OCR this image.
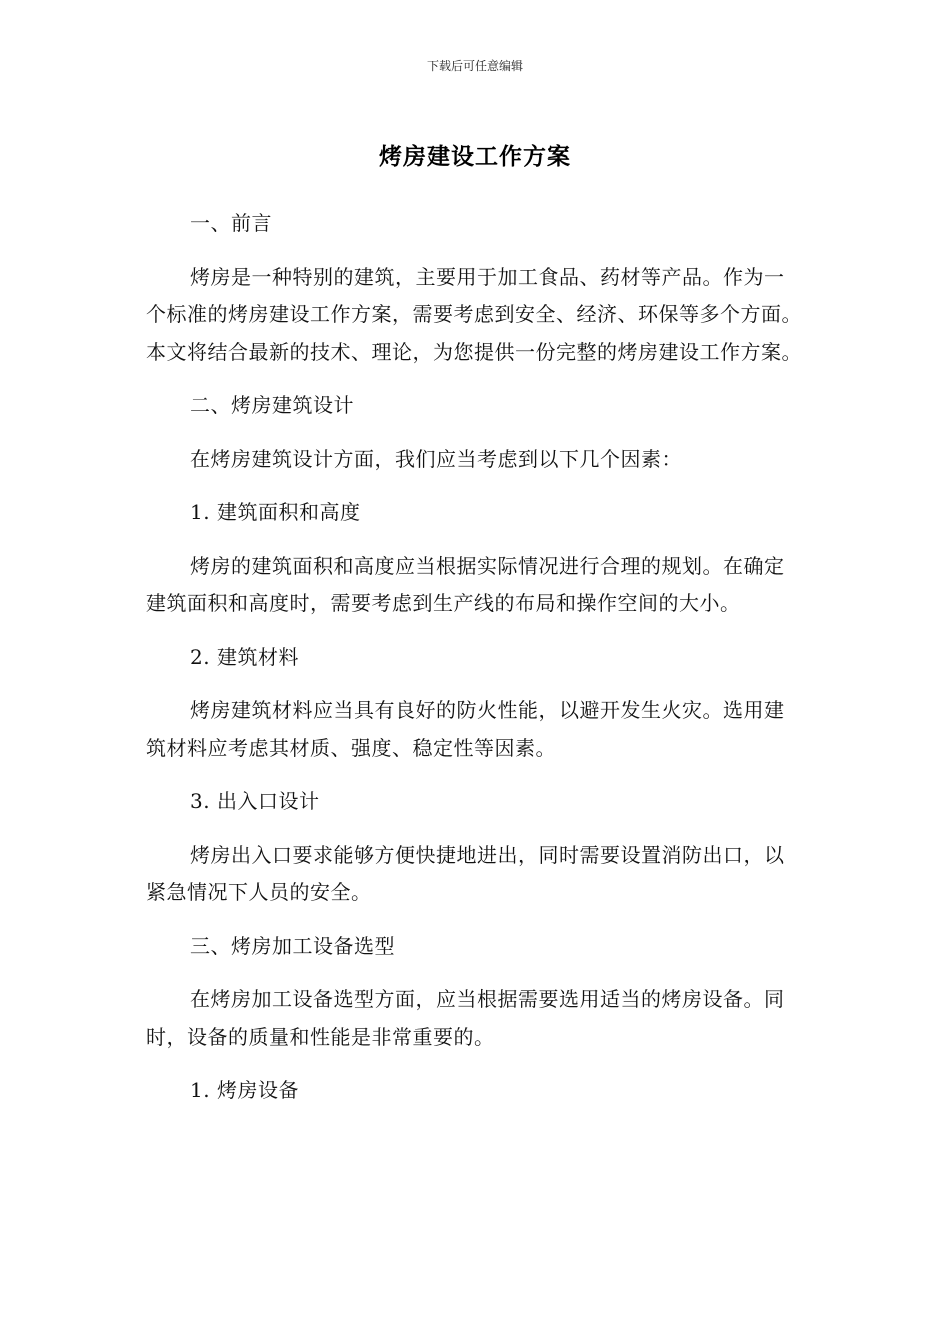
下载后可任意编辑
烤房建设工作方案

一、前言

烤房是一种特别的建筑，主要用于加工食品、药材等产品。作为一个标准的烤房建设工作方案，需要考虑到安全、经济、环保等多个方面。本文将结合最新的技术、理论，为您提供一份完整的烤房建设工作方案。

二、烤房建筑设计

在烤房建筑设计方面，我们应当考虑到以下几个因素：

1. 建筑面积和高度

烤房的建筑面积和高度应当根据实际情况进行合理的规划。在确定建筑面积和高度时，需要考虑到生产线的布局和操作空间的大小。

2. 建筑材料

烤房建筑材料应当具有良好的防火性能，以避开发生火灾。选用建筑材料应考虑其材质、强度、稳定性等因素。

3. 出入口设计

烤房出入口要求能够方便快捷地进出，同时需要设置消防出口，以紧急情况下人员的安全。

三、烤房加工设备选型

在烤房加工设备选型方面，应当根据需要选用适当的烤房设备。同时，设备的质量和性能是非常重要的。

1. 烤房设备
